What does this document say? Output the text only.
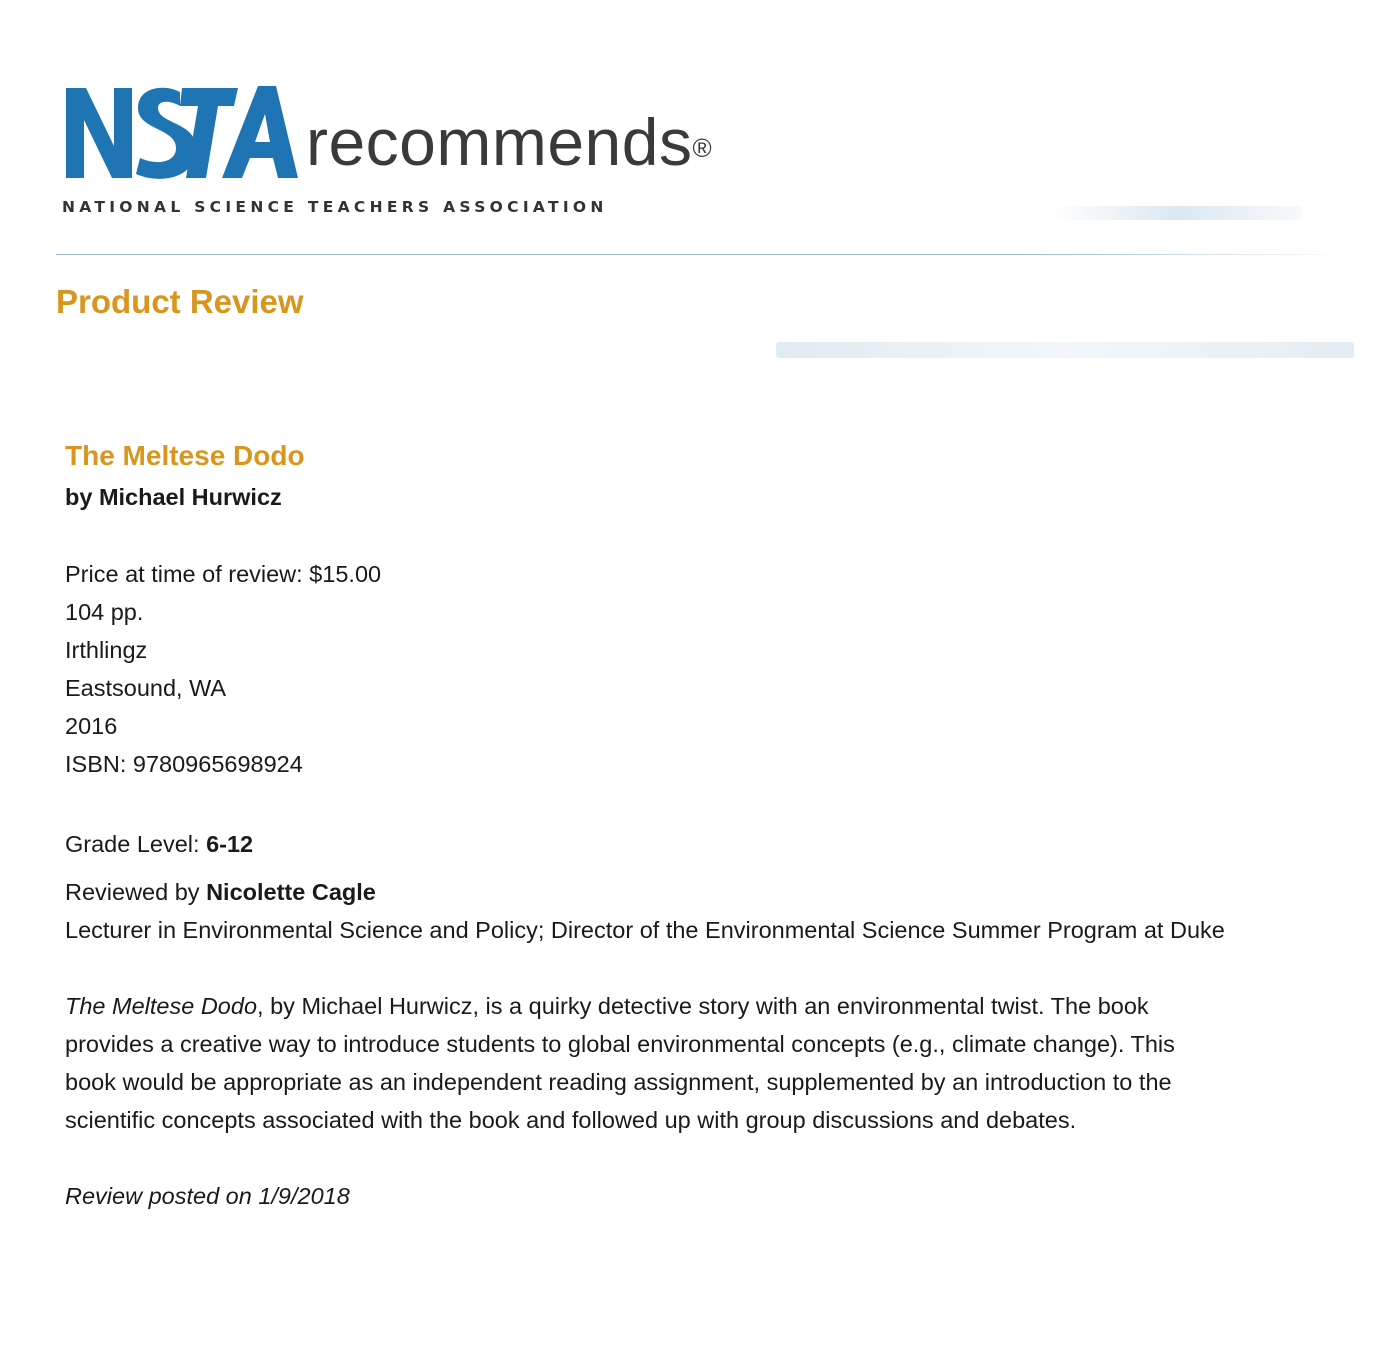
recommends®
NATIONAL SCIENCE TEACHERS ASSOCIATION
Product Review
The Meltese Dodo
by Michael Hurwicz
Price at time of review: $15.00
104 pp.
Irthlingz
Eastsound, WA
2016
ISBN: 9780965698924
Grade Level: 6-12
Reviewed by Nicolette Cagle
Lecturer in Environmental Science and Policy; Director of the Environmental Science Summer Program at Duke
The Meltese Dodo, by Michael Hurwicz, is a quirky detective story with an environmental twist. The book provides a creative way to introduce students to global environmental concepts (e.g., climate change). This book would be appropriate as an independent reading assignment, supplemented by an introduction to the scientific concepts associated with the book and followed up with group discussions and debates.
Review posted on 1/9/2018
